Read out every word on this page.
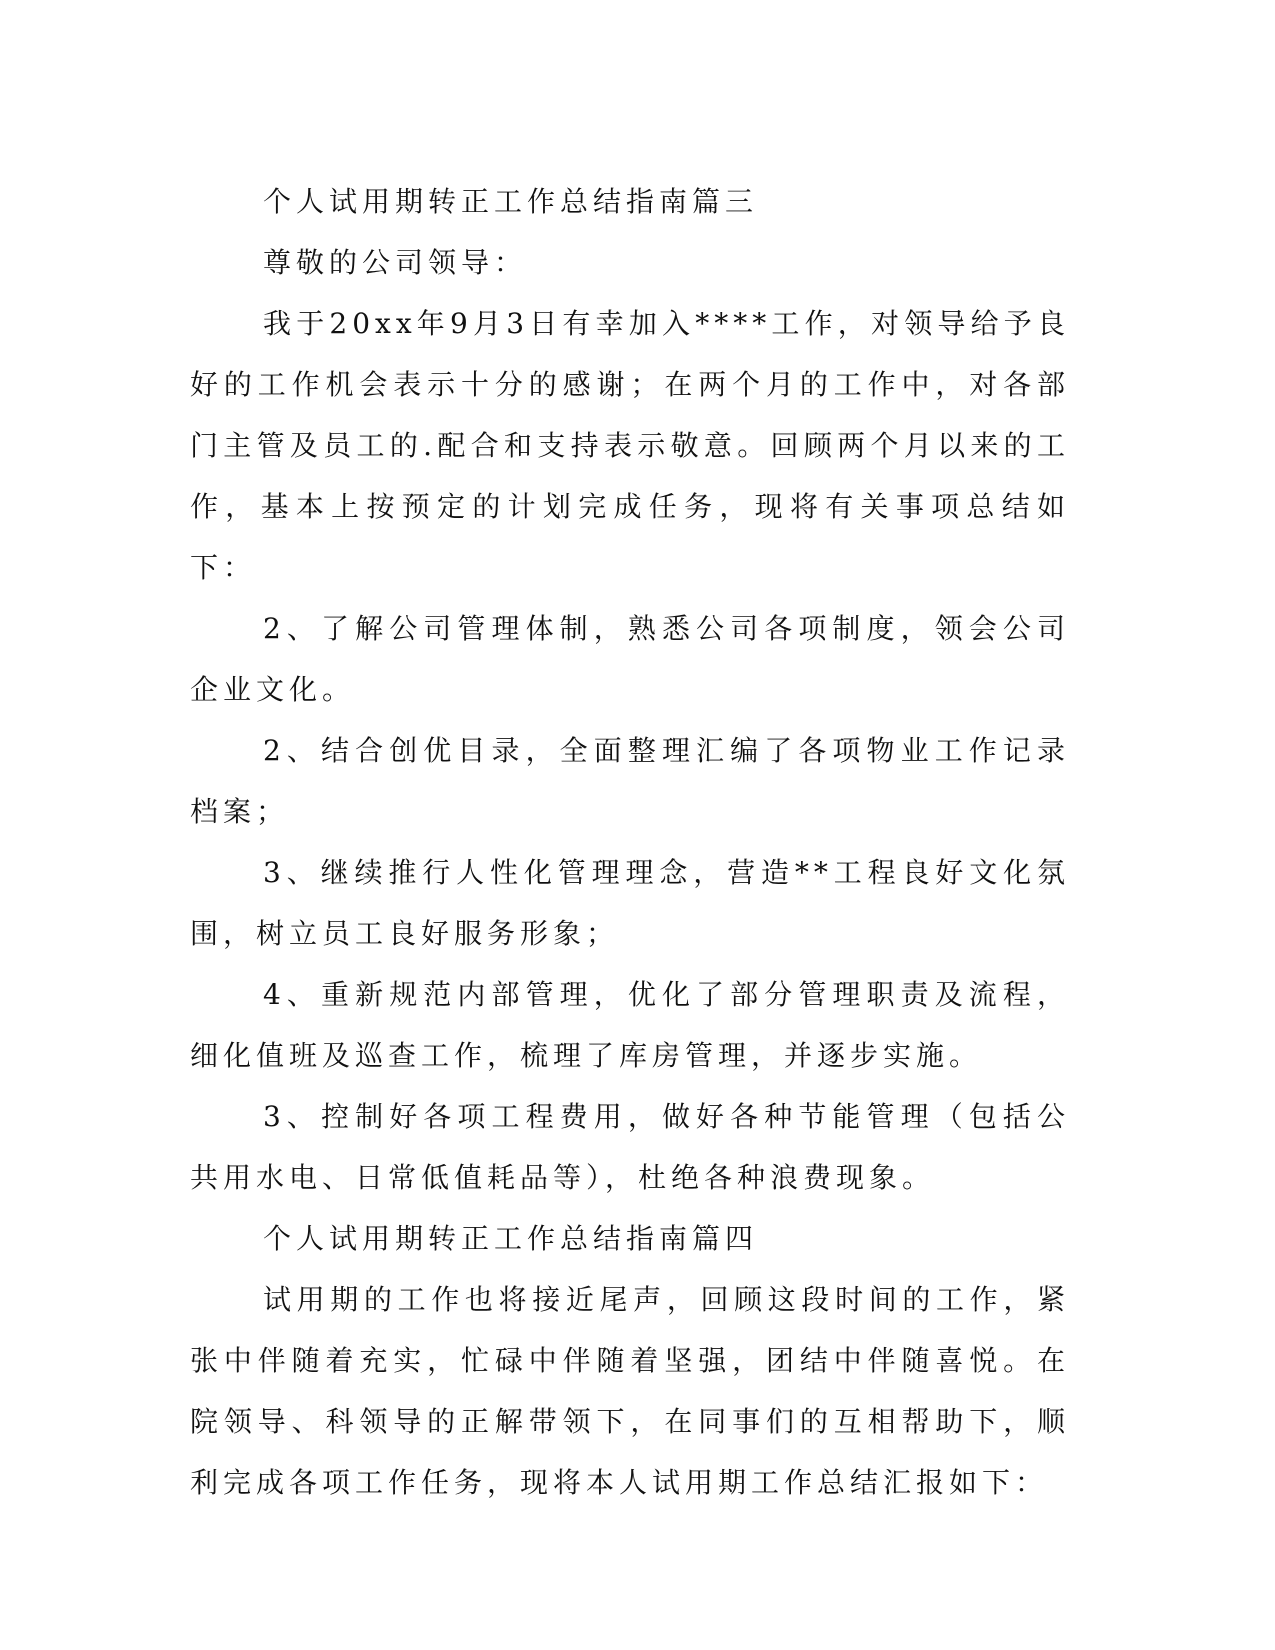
个人试用期转正工作总结指南篇三

尊敬的公司领导：

我于20xx年9月3日有幸加入****工作，对领导给予良好的工作机会表示十分的感谢；在两个月的工作中，对各部门主管及员工的.配合和支持表示敬意。回顾两个月以来的工作，基本上按预定的计划完成任务，现将有关事项总结如下：

2、了解公司管理体制，熟悉公司各项制度，领会公司企业文化。

2、结合创优目录，全面整理汇编了各项物业工作记录档案；

3、继续推行人性化管理理念，营造**工程良好文化氛围，树立员工良好服务形象；

4、重新规范内部管理，优化了部分管理职责及流程，细化值班及巡查工作，梳理了库房管理，并逐步实施。

3、控制好各项工程费用，做好各种节能管理（包括公共用水电、日常低值耗品等），杜绝各种浪费现象。

个人试用期转正工作总结指南篇四

试用期的工作也将接近尾声，回顾这段时间的工作，紧张中伴随着充实，忙碌中伴随着坚强，团结中伴随喜悦。在院领导、科领导的正解带领下，在同事们的互相帮助下，顺利完成各项工作任务，现将本人试用期工作总结汇报如下：
